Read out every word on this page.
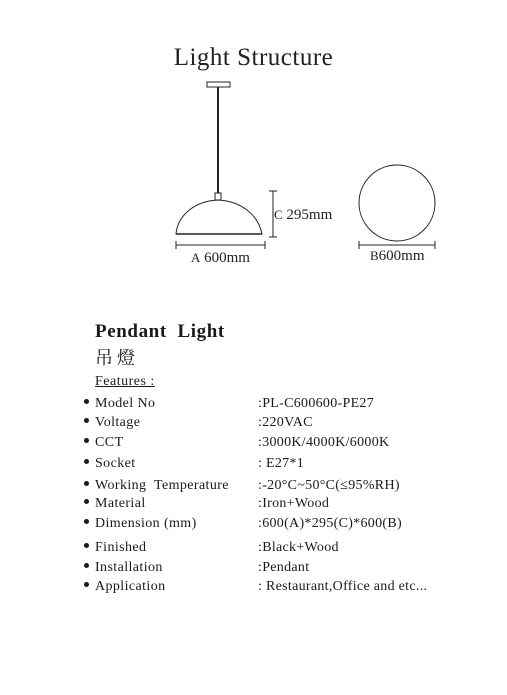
Light Structure
A 600mm	B600mm
C 295mm
Pendant  Light
吊燈
Features :
Model No	:PL-C600600-PE27
Voltage	:220VAC
CCT	:3000K/4000K/6000K
Socket	: E27*1
Working  Temperature :-20°C~50°C(≤95%RH)
Material	:Iron+Wood
Dimension (mm)	:600(A)*295(C)*600(B)
Finished	:Black+Wood
Installation	:Pendant
Application	: Restaurant,Office and etc...
